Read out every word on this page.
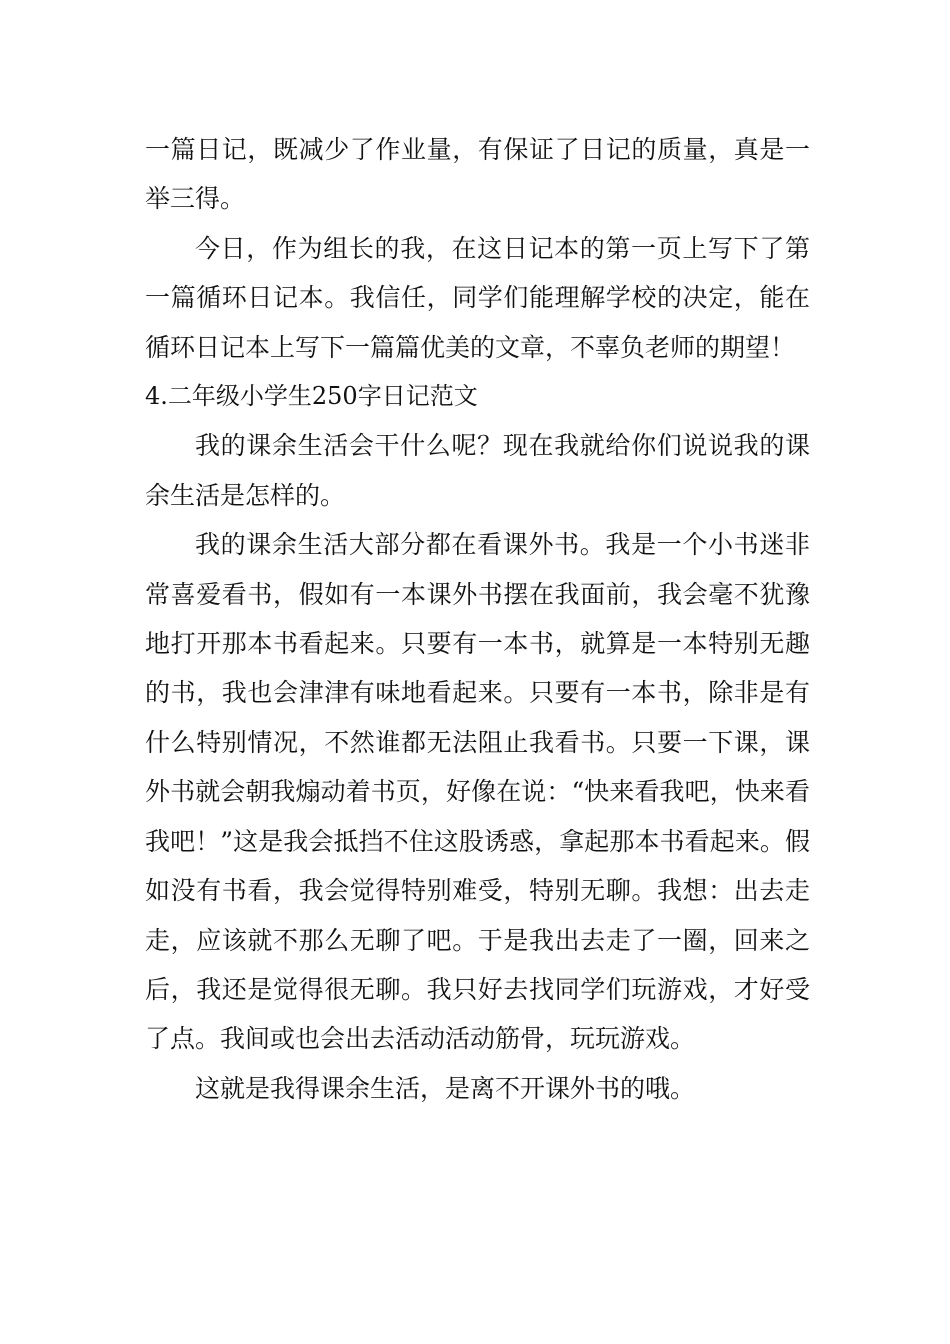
一篇日记，既减少了作业量，有保证了日记的质量，真是一举三得。

今日，作为组长的我，在这日记本的第一页上写下了第一篇循环日记本。我信任，同学们能理解学校的决定，能在循环日记本上写下一篇篇优美的文章，不辜负老师的期望！

4.二年级小学生250字日记范文

我的课余生活会干什么呢？现在我就给你们说说我的课余生活是怎样的。

我的课余生活大部分都在看课外书。我是一个小书迷非常喜爱看书，假如有一本课外书摆在我面前，我会毫不犹豫地打开那本书看起来。只要有一本书，就算是一本特别无趣的书，我也会津津有味地看起来。只要有一本书，除非是有什么特别情况，不然谁都无法阻止我看书。只要一下课，课外书就会朝我煽动着书页，好像在说：“快来看我吧，快来看我吧！”这是我会抵挡不住这股诱惑，拿起那本书看起来。假如没有书看，我会觉得特别难受，特别无聊。我想：出去走走，应该就不那么无聊了吧。于是我出去走了一圈，回来之后，我还是觉得很无聊。我只好去找同学们玩游戏，才好受了点。我间或也会出去活动活动筋骨，玩玩游戏。

这就是我得课余生活，是离不开课外书的哦。
